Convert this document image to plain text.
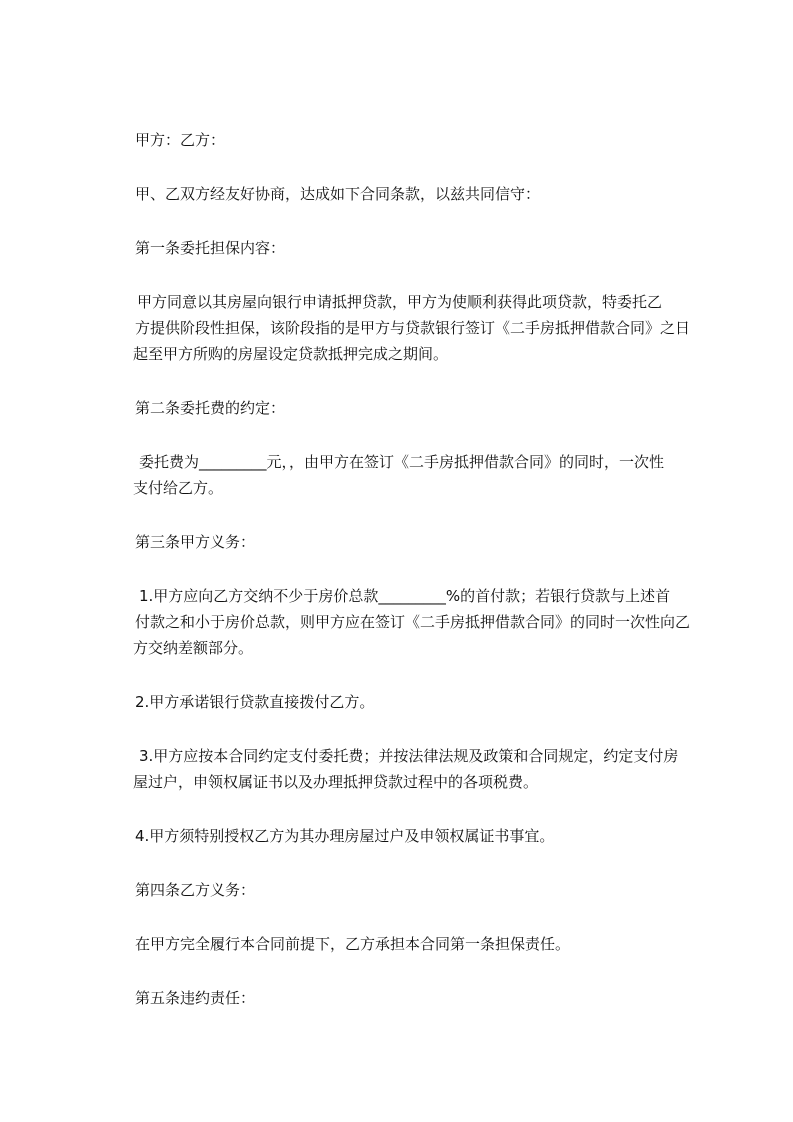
甲方：乙方：

甲、乙双方经友好协商，达成如下合同条款，以兹共同信守：

第一条委托担保内容：

甲方同意以其房屋向银行申请抵押贷款，甲方为使顺利获得此项贷款，特委托乙
方提供阶段性担保，该阶段指的是甲方与贷款银行签订《二手房抵押借款合同》之日
起至甲方所购的房屋设定贷款抵押完成之期间。

第二条委托费的约定：

委托费为_________元，，由甲方在签订《二手房抵押借款合同》的同时，一次性
支付给乙方。

第三条甲方义务：

1.甲方应向乙方交纳不少于房价总款_________%的首付款；若银行贷款与上述首
付款之和小于房价总款，则甲方应在签订《二手房抵押借款合同》的同时一次性向乙
方交纳差额部分。

2.甲方承诺银行贷款直接拨付乙方。

3.甲方应按本合同约定支付委托费；并按法律法规及政策和合同规定，约定支付房
屋过户，申领权属证书以及办理抵押贷款过程中的各项税费。

4.甲方须特别授权乙方为其办理房屋过户及申领权属证书事宜。

第四条乙方义务：

在甲方完全履行本合同前提下，乙方承担本合同第一条担保责任。

第五条违约责任：
